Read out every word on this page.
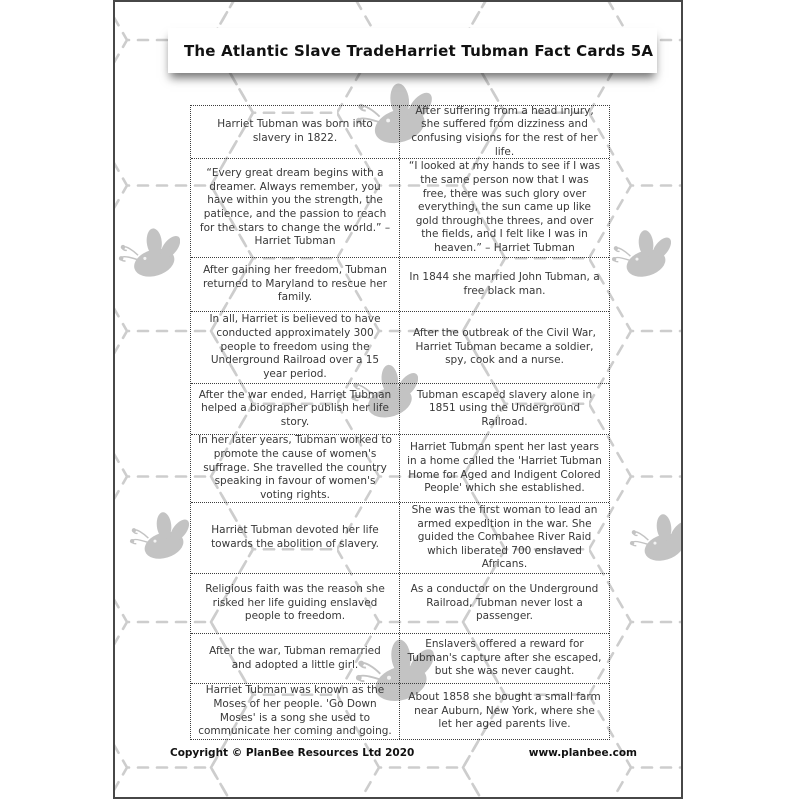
The Atlantic Slave Trade Harriet Tubman Fact Cards 5A
Harriet Tubman was born into slavery in 1822.
After suffering from a head injury, she suffered from dizziness and confusing visions for the rest of her life.
“Every great dream begins with a dreamer. Always remember, you have within you the strength, the patience, and the passion to reach for the stars to change the world.” – Harriet Tubman
“I looked at my hands to see if I was the same person now that I was free, there was such glory over everything, the sun came up like gold through the threes, and over the fields, and I felt like I was in heaven.” – Harriet Tubman
After gaining her freedom, Tubman returned to Maryland to rescue her family.
In 1844 she married John Tubman, a free black man.
In all, Harriet is believed to have conducted approximately 300 people to freedom using the Underground Railroad over a 15 year period.
After the outbreak of the Civil War, Harriet Tubman became a soldier, spy, cook and a nurse.
After the war ended, Harriet Tubman helped a biographer publish her life story.
Tubman escaped slavery alone in 1851 using the Underground Railroad.
In her later years, Tubman worked to promote the cause of women's suffrage. She travelled the country speaking in favour of women's voting rights.
Harriet Tubman spent her last years in a home called the 'Harriet Tubman Home for Aged and Indigent Colored People' which she established.
Harriet Tubman devoted her life towards the abolition of slavery.
She was the first woman to lead an armed expedition in the war. She guided the Combahee River Raid which liberated 700 enslaved Africans.
Religious faith was the reason she risked her life guiding enslaved people to freedom.
As a conductor on the Underground Railroad, Tubman never lost a passenger.
After the war, Tubman remarried and adopted a little girl.
Enslavers offered a reward for Tubman's capture after she escaped, but she was never caught.
Harriet Tubman was known as the Moses of her people. 'Go Down Moses' is a song she used to communicate her coming and going.
About 1858 she bought a small farm near Auburn, New York, where she let her aged parents live.
Copyright © PlanBee Resources Ltd 2020	www.planbee.com
